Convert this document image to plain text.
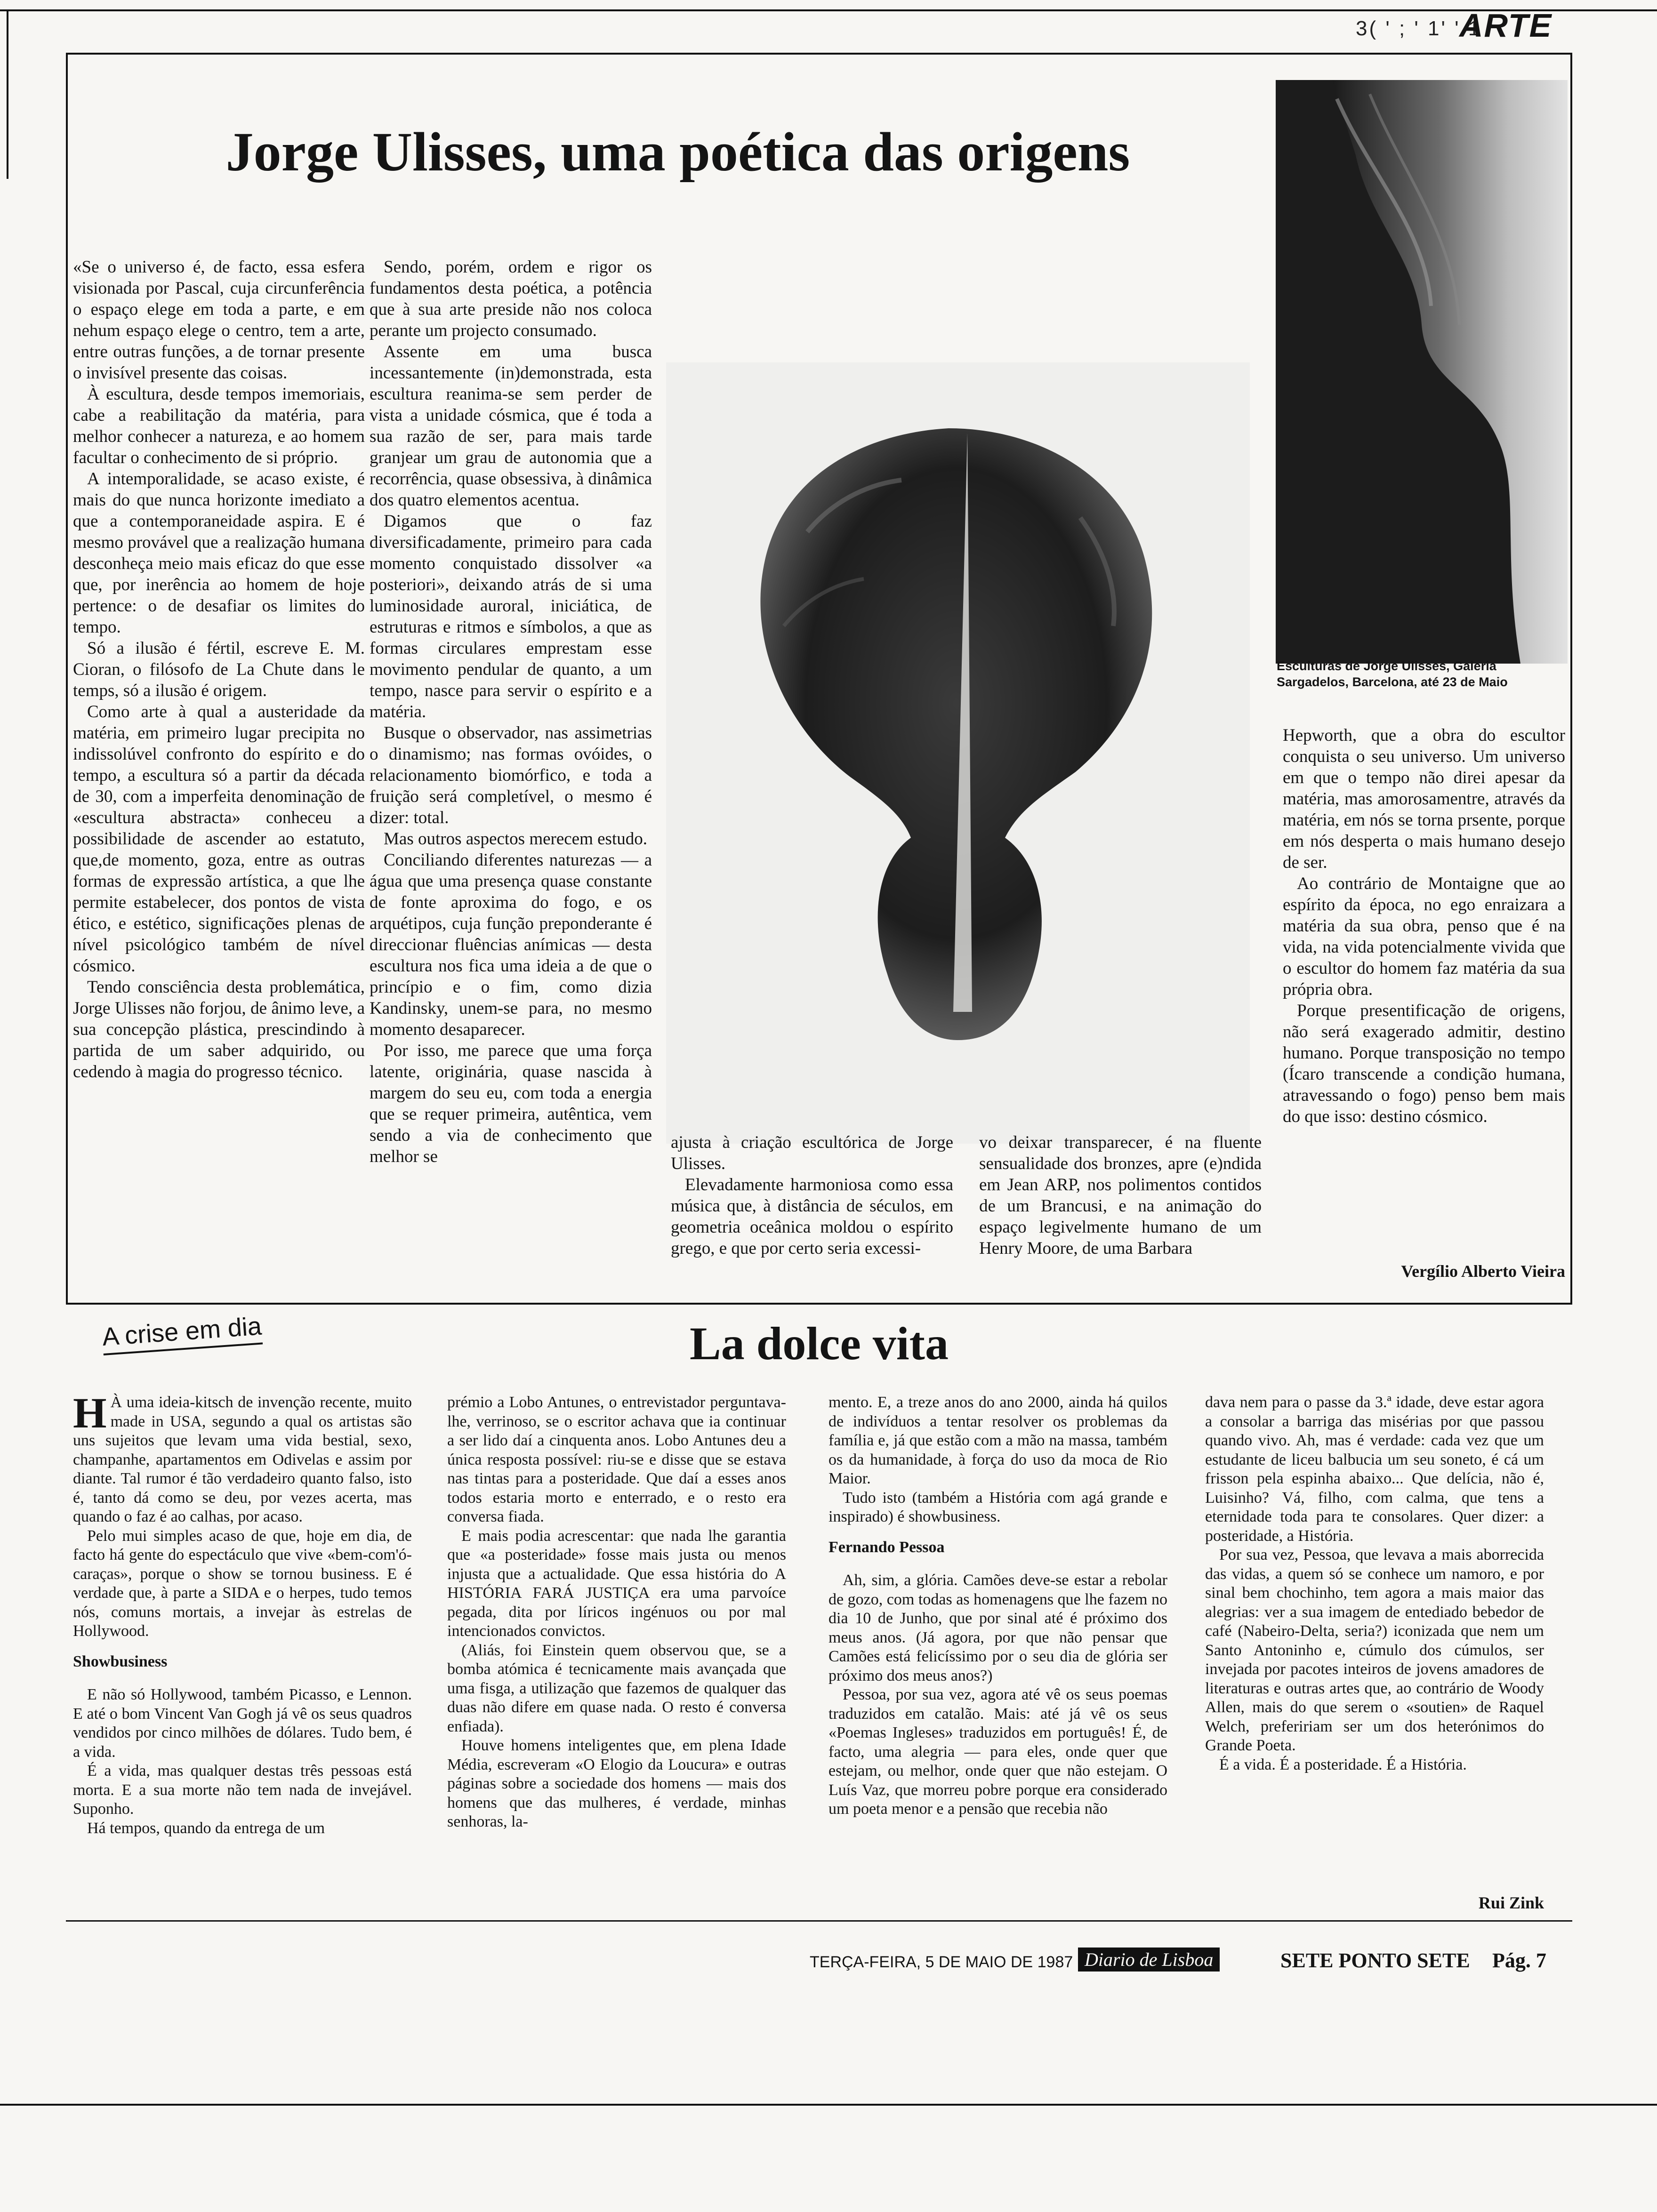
3( ' ; ' 1' ' 1 '
ARTE
Jorge Ulisses, uma poética das origens
Esculturas de Jorge Ulisses, Galeria Sargadelos, Barcelona, até 23 de Maio

«Se o universo é, de facto, essa esfera visionada por Pascal, cuja circunferência o espaço elege em toda a parte, e em nehum espaço elege o centro, tem a arte, entre outras funções, a de tornar presente o invisível presente das coisas.

À escultura, desde tempos imemoriais, cabe a reabilitação da matéria, para melhor conhecer a natureza, e ao homem facultar o conhecimento de si próprio.

A intemporalidade, se acaso existe, é mais do que nunca horizonte imediato a que a contemporaneidade aspira. E é mesmo provável que a realização humana desconheça meio mais eficaz do que esse que, por inerência ao homem de hoje pertence: o de desafiar os limites do tempo.

Só a ilusão é fértil, escreve E. M. Cioran, o filósofo de La Chute dans le temps, só a ilusão é origem.

Como arte à qual a austeridade da matéria, em primeiro lugar precipita no indissolúvel confronto do espírito e do tempo, a escultura só a partir da década de 30, com a imperfeita denominação de «escultura abstracta» conheceu a possibilidade de ascender ao estatuto, que,de momento, goza, entre as outras formas de expressão artística, a que lhe permite estabelecer, dos pontos de vista ético, e estético, significações plenas de nível psicológico também de nível cósmico.

Tendo consciência desta problemática, Jorge Ulisses não forjou, de ânimo leve, a sua concepção plástica, prescindindo à partida de um saber adquirido, ou cedendo à magia do progresso técnico.

Sendo, porém, ordem e rigor os fundamentos desta poética, a potência que à sua arte preside não nos coloca perante um projecto consumado.

Assente em uma busca incessantemente (in)demonstrada, esta escultura reanima-se sem perder de vista a unidade cósmica, que é toda a sua razão de ser, para mais tarde granjear um grau de autonomia que a recorrência, quase obsessiva, à dinâmica dos quatro elementos acentua.

Digamos que o faz diversificadamente, primeiro para cada momento conquistado dissolver «a posteriori», deixando atrás de si uma luminosidade auroral, iniciática, de estruturas e ritmos e símbolos, a que as formas circulares emprestam esse movimento pendular de quanto, a um tempo, nasce para servir o espírito e a matéria.

Busque o observador, nas assimetrias o dinamismo; nas formas ovóides, o relacionamento biomórfico, e toda a fruição será completível, o mesmo é dizer: total.

Mas outros aspectos merecem estudo.

Conciliando diferentes naturezas — a água que uma presença quase constante de fonte aproxima do fogo, e os arquétipos, cuja função preponderante é direccionar fluências anímicas — desta escultura nos fica uma ideia a de que o princípio e o fim, como dizia Kandinsky, unem-se para, no mesmo momento desaparecer.

Por isso, me parece que uma força latente, originária, quase nascida à margem do seu eu, com toda a energia que se requer primeira, autêntica, vem sendo a via de conhecimento que melhor se

ajusta à criação escultórica de Jorge Ulisses.

Elevadamente harmoniosa como essa música que, à distância de séculos, em geometria oceânica moldou o espírito grego, e que por certo seria excessi-

vo deixar transparecer, é na fluente sensualidade dos bronzes, apre (e)ndida em Jean ARP, nos polimentos contidos de um Brancusi, e na animação do espaço legivelmente humano de um Henry Moore, de uma Barbara

Hepworth, que a obra do escultor conquista o seu universo. Um universo em que o tempo não direi apesar da matéria, mas amorosamentre, através da matéria, em nós se torna prsente, porque em nós desperta o mais humano desejo de ser.

Ao contrário de Montaigne que ao espírito da época, no ego enraizara a matéria da sua obra, penso que é na vida, na vida potencialmente vivida que o escultor do homem faz matéria da sua própria obra.

Porque presentificação de origens, não será exagerado admitir, destino humano. Porque transposição no tempo (Ícaro transcende a condição humana, atravessando o fogo) penso bem mais do que isso: destino cósmico.

Vergílio Alberto Vieira
A crise em dia	La dolce vita

H À uma ideia-kitsch de invenção recente, muito made in USA, segundo a qual os artistas são uns sujeitos que levam uma vida bestial, sexo, champanhe, apartamentos em Odivelas e assim por diante. Tal rumor é tão verdadeiro quanto falso, isto é, tanto dá como se deu, por vezes acerta, mas quando o faz é ao calhas, por acaso.

Pelo mui simples acaso de que, hoje em dia, de facto há gente do espectáculo que vive «bem-com'ó-caraças», porque o show se tornou business. E é verdade que, à parte a SIDA e o herpes, tudo temos nós, comuns mortais, a invejar às estrelas de Hollywood.

Showbusiness

E não só Hollywood, também Picasso, e Lennon. E até o bom Vincent Van Gogh já vê os seus quadros vendidos por cinco milhões de dólares. Tudo bem, é a vida.

É a vida, mas qualquer destas três pessoas está morta. E a sua morte não tem nada de invejável. Suponho.

Há tempos, quando da entrega de um

prémio a Lobo Antunes, o entrevistador perguntava-lhe, verrinoso, se o escritor achava que ia continuar a ser lido daí a cinquenta anos. Lobo Antunes deu a única resposta possível: riu-se e disse que se estava nas tintas para a posteridade. Que daí a esses anos todos estaria morto e enterrado, e o resto era conversa fiada.

E mais podia acrescentar: que nada lhe garantia que «a posteridade» fosse mais justa ou menos injusta que a actualidade. Que essa história do A HISTÓRIA FARÁ JUSTIÇA era uma parvoíce pegada, dita por líricos ingénuos ou por mal intencionados convictos.

(Aliás, foi Einstein quem observou que, se a bomba atómica é tecnicamente mais avançada que uma fisga, a utilização que fazemos de qualquer das duas não difere em quase nada. O resto é conversa enfiada).

Houve homens inteligentes que, em plena Idade Média, escreveram «O Elogio da Loucura» e outras páginas sobre a sociedade dos homens — mais dos homens que das mulheres, é verdade, minhas senhoras, la-

mento. E, a treze anos do ano 2000, ainda há quilos de indivíduos a tentar resolver os problemas da família e, já que estão com a mão na massa, também os da humanidade, à força do uso da moca de Rio Maior.

Tudo isto (também a História com agá grande e inspirado) é showbusiness.

Fernando Pessoa

Ah, sim, a glória. Camões deve-se estar a rebolar de gozo, com todas as homenagens que lhe fazem no dia 10 de Junho, que por sinal até é próximo dos meus anos. (Já agora, por que não pensar que Camões está felicíssimo por o seu dia de glória ser próximo dos meus anos?)

Pessoa, por sua vez, agora até vê os seus poemas traduzidos em catalão. Mais: até já vê os seus «Poemas Ingleses» traduzidos em português! É, de facto, uma alegria — para eles, onde quer que estejam, ou melhor, onde quer que não estejam. O Luís Vaz, que morreu pobre porque era considerado um poeta menor e a pensão que recebia não

dava nem para o passe da 3.ª idade, deve estar agora a consolar a barriga das misérias por que passou quando vivo. Ah, mas é verdade: cada vez que um estudante de liceu balbucia um seu soneto, é cá um frisson pela espinha abaixo... Que delícia, não é, Luisinho? Vá, filho, com calma, que tens a eternidade toda para te consolares. Quer dizer: a posteridade, a História.

Por sua vez, Pessoa, que levava a mais aborrecida das vidas, a quem só se conhece um namoro, e por sinal bem chochinho, tem agora a mais maior das alegrias: ver a sua imagem de entediado bebedor de café (Nabeiro-Delta, seria?) iconizada que nem um Santo Antoninho e, cúmulo dos cúmulos, ser invejada por pacotes inteiros de jovens amadores de literaturas e outras artes que, ao contrário de Woody Allen, mais do que serem o «soutien» de Raquel Welch, prefeririam ser um dos heterónimos do Grande Poeta.

É a vida. É a posteridade. É a História.

Rui Zink
TERÇA-FEIRA, 5 DE MAIO DE 1987 Diario de Lisboa	SETE PONTO SETE Pág. 7
